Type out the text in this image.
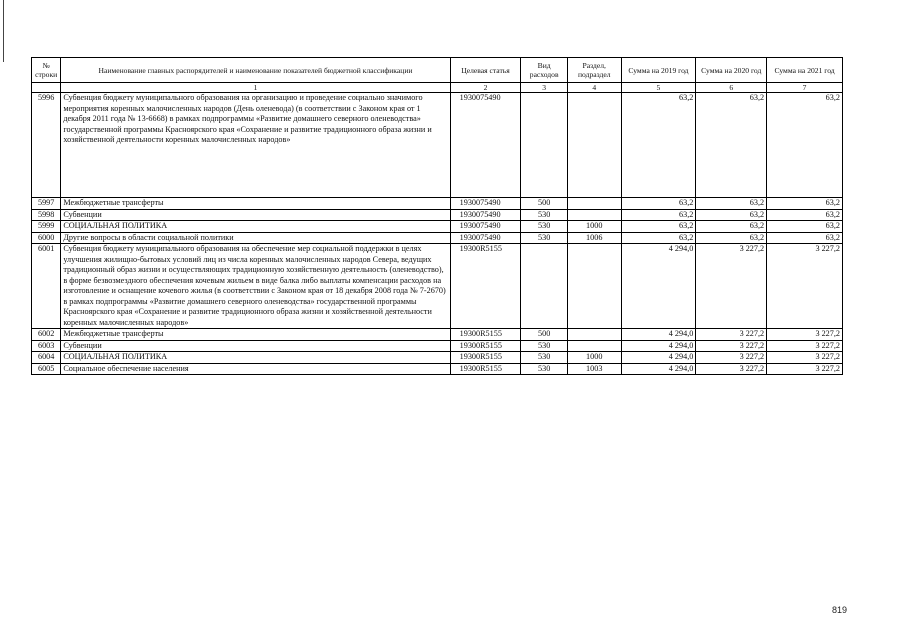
№ строки	Наименование главных распорядителей и наименование показателей бюджетной классификации	Целевая статья	Вид расходов	Раздел, подраздел	Сумма на 2019 год	Сумма на 2020 год	Сумма на 2021 год
	1	2	3	4	5	6	7
5996	Субвенция бюджету муниципального образования на организацию и проведение социально значимого мероприятия коренных малочисленных народов (День оленевода) (в соответствии с Законом края от 1 декабря 2011 года № 13-6668) в рамках подпрограммы «Развитие домашнего северного оленеводства» государственной программы Красноярского края «Сохранение и развитие традиционного образа жизни и хозяйственной деятельности коренных малочисленных народов»	1930075490			63,2	63,2	63,2
5997	Межбюджетные трансферты	1930075490	500		63,2	63,2	63,2
5998	Субвенции	1930075490	530		63,2	63,2	63,2
5999	СОЦИАЛЬНАЯ ПОЛИТИКА	1930075490	530	1000	63,2	63,2	63,2
6000	Другие вопросы в области социальной политики	1930075490	530	1006	63,2	63,2	63,2
6001	Субвенция бюджету муниципального образования на обеспечение мер социальной поддержки в целях улучшения жилищно-бытовых условий лиц из числа коренных малочисленных народов Севера, ведущих традиционный образ жизни и осуществляющих традиционную хозяйственную деятельность (оленеводство), в форме безвозмездного обеспечения кочевым жильем в виде балка либо выплаты компенсации расходов на изготовление и оснащение кочевого жилья (в соответствии с Законом края от 18 декабря 2008 года № 7-2670) в рамках подпрограммы «Развитие домашнего северного оленеводства» государственной программы Красноярского края «Сохранение и развитие традиционного образа жизни и хозяйственной деятельности коренных малочисленных народов»	19300R5155			4 294,0	3 227,2	3 227,2
6002	Межбюджетные трансферты	19300R5155	500		4 294,0	3 227,2	3 227,2
6003	Субвенции	19300R5155	530		4 294,0	3 227,2	3 227,2
6004	СОЦИАЛЬНАЯ ПОЛИТИКА	19300R5155	530	1000	4 294,0	3 227,2	3 227,2
6005	Социальное обеспечение населения	19300R5155	530	1003	4 294,0	3 227,2	3 227,2
819
